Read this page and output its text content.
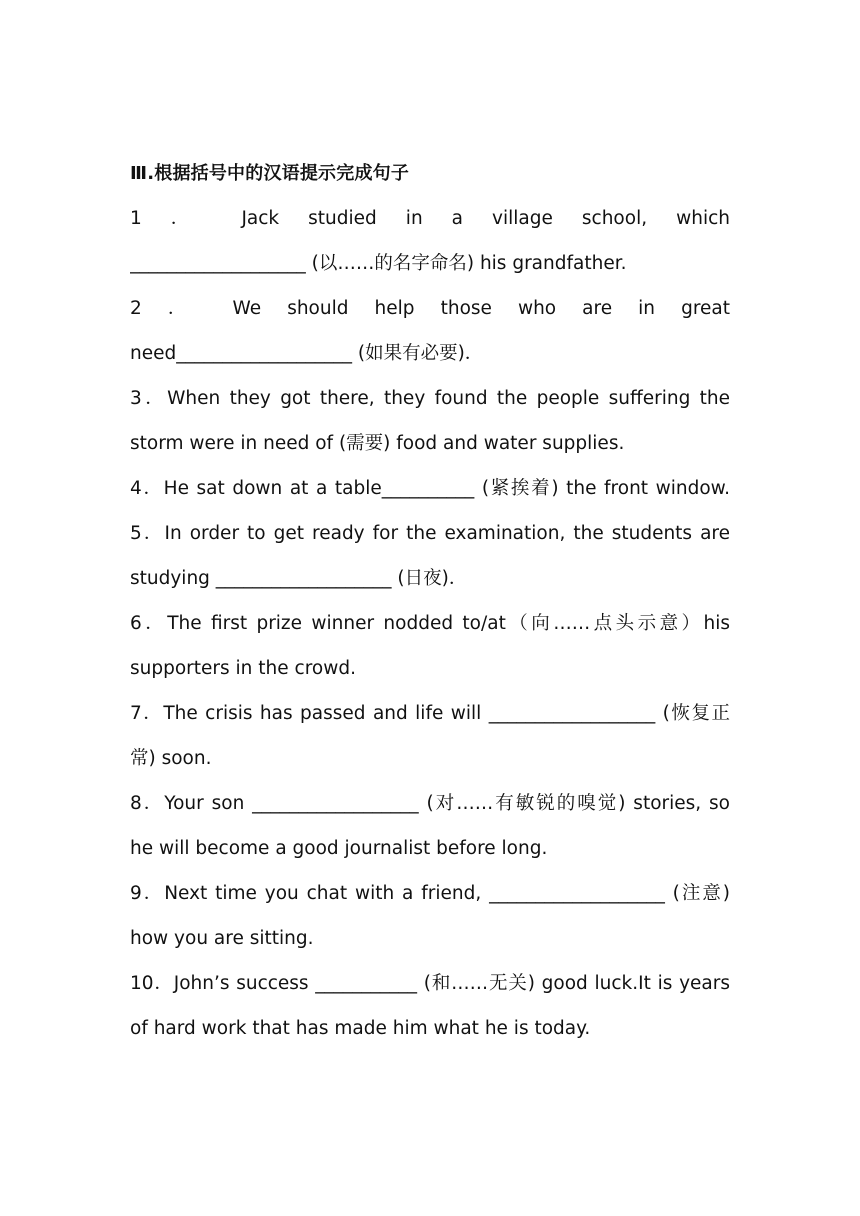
Ⅲ.根据括号中的汉语提示完成句子
1 ． Jack studied in a village school, which
___________________ (以……的名字命名) his grandfather.
2 ． We should help those who are in great
need___________________ (如果有必要)．
3．When they got there, they found the people suffering the
storm were in need of (需要) food and water supplies.
4．He sat down at a table__________ (紧挨着) the front window.
5．In order to get ready for the examination, the students are
studying ___________________ (日夜)．
6．The first prize winner nodded to/at（向……点头示意）his
supporters in the crowd.
7．The crisis has passed and life will __________________ (恢复正
常) soon.
8．Your son __________________ (对……有敏锐的嗅觉) stories, so
he will become a good journalist before long.
9．Next time you chat with a friend, ___________________ (注意)
how you are sitting.
10．John’s success ___________ (和……无关) good luck.It is years
of hard work that has made him what he is today.
